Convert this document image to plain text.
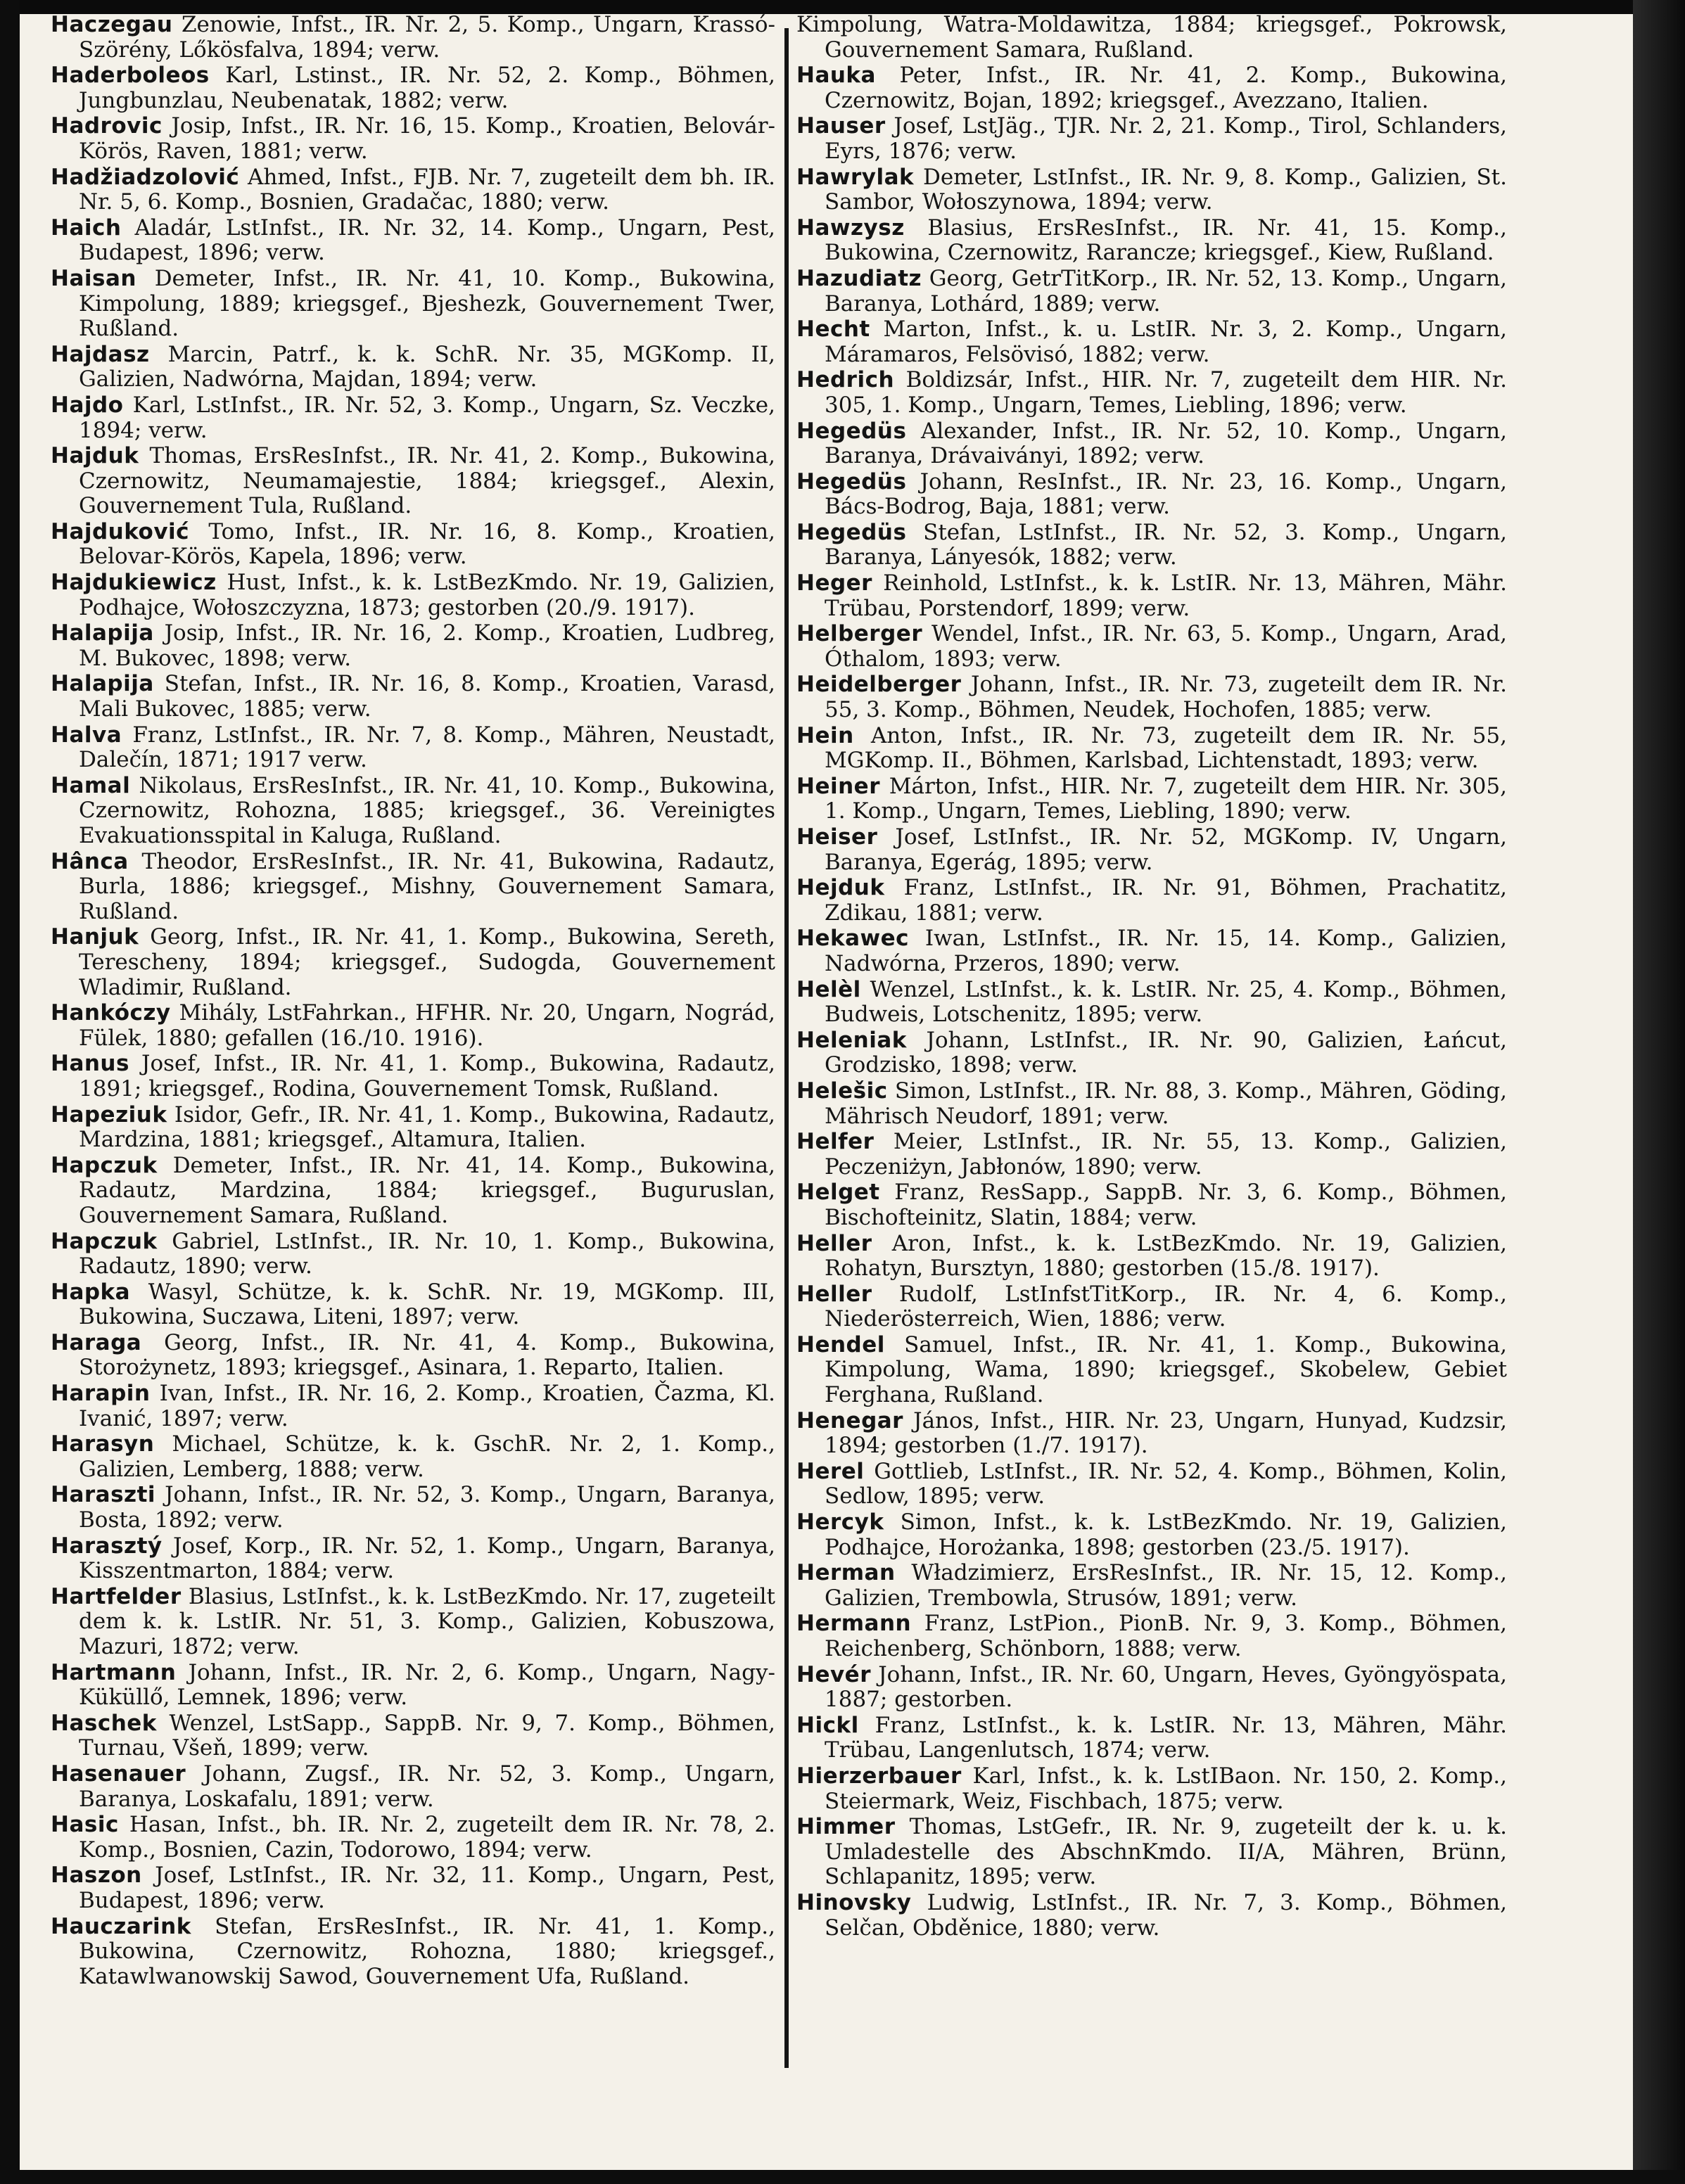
Haczegau Zenowie, Infst., IR. Nr. 2, 5. Komp., Ungarn, Krassó-Szörény, Lőkösfalva, 1894; verw.

Haderboleos Karl, Lstinst., IR. Nr. 52, 2. Komp., Böhmen, Jungbunzlau, Neubenatak, 1882; verw.

Hadrovic Josip, Infst., IR. Nr. 16, 15. Komp., Kroatien, Belovár-Körös, Raven, 1881; verw.

Hadžiadzolović Ahmed, Infst., FJB. Nr. 7, zugeteilt dem bh. IR. Nr. 5, 6. Komp., Bosnien, Gradačac, 1880; verw.

Haich Aladár, LstInfst., IR. Nr. 32, 14. Komp., Ungarn, Pest, Budapest, 1896; verw.

Haisan Demeter, Infst., IR. Nr. 41, 10. Komp., Bukowina, Kimpolung, 1889; kriegsgef., Bjeshezk, Gouvernement Twer, Rußland.

Hajdasz Marcin, Patrf., k. k. SchR. Nr. 35, MGKomp. II, Galizien, Nadwórna, Majdan, 1894; verw.

Hajdo Karl, LstInfst., IR. Nr. 52, 3. Komp., Ungarn, Sz. Veczke, 1894; verw.

Hajduk Thomas, ErsResInfst., IR. Nr. 41, 2. Komp., Bukowina, Czernowitz, Neumamajestie, 1884; kriegsgef., Alexin, Gouvernement Tula, Rußland.

Hajduković Tomo, Infst., IR. Nr. 16, 8. Komp., Kroatien, Belovar-Körös, Kapela, 1896; verw.

Hajdukiewicz Hust, Infst., k. k. LstBezKmdo. Nr. 19, Galizien, Podhajce, Wołoszczyzna, 1873; gestorben (20./9. 1917).

Halapija Josip, Infst., IR. Nr. 16, 2. Komp., Kroatien, Ludbreg, M. Bukovec, 1898; verw.

Halapija Stefan, Infst., IR. Nr. 16, 8. Komp., Kroatien, Varasd, Mali Bukovec, 1885; verw.

Halva Franz, LstInfst., IR. Nr. 7, 8. Komp., Mähren, Neustadt, Dalečín, 1871; 1917 verw.

Hamal Nikolaus, ErsResInfst., IR. Nr. 41, 10. Komp., Bukowina, Czernowitz, Rohozna, 1885; kriegsgef., 36. Vereinigtes Evakuationsspital in Kaluga, Rußland.

Hânca Theodor, ErsResInfst., IR. Nr. 41, Bukowina, Radautz, Burla, 1886; kriegsgef., Mishny, Gouvernement Samara, Rußland.

Hanjuk Georg, Infst., IR. Nr. 41, 1. Komp., Bukowina, Sereth, Terescheny, 1894; kriegsgef., Sudogda, Gouvernement Wladimir, Rußland.

Hankóczy Mihály, LstFahrkan., HFHR. Nr. 20, Ungarn, Nográd, Fülek, 1880; gefallen (16./10. 1916).

Hanus Josef, Infst., IR. Nr. 41, 1. Komp., Bukowina, Radautz, 1891; kriegsgef., Rodina, Gouvernement Tomsk, Rußland.

Hapeziuk Isidor, Gefr., IR. Nr. 41, 1. Komp., Bukowina, Radautz, Mardzina, 1881; kriegsgef., Altamura, Italien.

Hapczuk Demeter, Infst., IR. Nr. 41, 14. Komp., Bukowina, Radautz, Mardzina, 1884; kriegsgef., Buguruslan, Gouvernement Samara, Rußland.

Hapczuk Gabriel, LstInfst., IR. Nr. 10, 1. Komp., Bukowina, Radautz, 1890; verw.

Hapka Wasyl, Schütze, k. k. SchR. Nr. 19, MGKomp. III, Bukowina, Suczawa, Liteni, 1897; verw.

Haraga Georg, Infst., IR. Nr. 41, 4. Komp., Bukowina, Storożynetz, 1893; kriegsgef., Asinara, 1. Reparto, Italien.

Harapin Ivan, Infst., IR. Nr. 16, 2. Komp., Kroatien, Čazma, Kl. Ivanić, 1897; verw.

Harasyn Michael, Schütze, k. k. GschR. Nr. 2, 1. Komp., Galizien, Lemberg, 1888; verw.

Haraszti Johann, Infst., IR. Nr. 52, 3. Komp., Ungarn, Baranya, Bosta, 1892; verw.

Harasztý Josef, Korp., IR. Nr. 52, 1. Komp., Ungarn, Baranya, Kisszentmarton, 1884; verw.

Hartfelder Blasius, LstInfst., k. k. LstBezKmdo. Nr. 17, zugeteilt dem k. k. LstIR. Nr. 51, 3. Komp., Galizien, Kobuszowa, Mazuri, 1872; verw.

Hartmann Johann, Infst., IR. Nr. 2, 6. Komp., Ungarn, Nagy-Küküllő, Lemnek, 1896; verw.

Haschek Wenzel, LstSapp., SappB. Nr. 9, 7. Komp., Böhmen, Turnau, Všeň, 1899; verw.

Hasenauer Johann, Zugsf., IR. Nr. 52, 3. Komp., Ungarn, Baranya, Loskafalu, 1891; verw.

Hasic Hasan, Infst., bh. IR. Nr. 2, zugeteilt dem IR. Nr. 78, 2. Komp., Bosnien, Cazin, Todorowo, 1894; verw.

Haszon Josef, LstInfst., IR. Nr. 32, 11. Komp., Ungarn, Pest, Budapest, 1896; verw.

Hauczarink Stefan, ErsResInfst., IR. Nr. 41, 1. Komp., Bukowina, Czernowitz, Rohozna, 1880; kriegsgef., Katawlwanowskij Sawod, Gouvernement Ufa, Rußland.

Kimpolung, Watra-Moldawitza, 1884; kriegsgef., Pokrowsk, Gouvernement Samara, Rußland.

Hauka Peter, Infst., IR. Nr. 41, 2. Komp., Bukowina, Czernowitz, Bojan, 1892; kriegsgef., Avezzano, Italien.

Hauser Josef, LstJäg., TJR. Nr. 2, 21. Komp., Tirol, Schlanders, Eyrs, 1876; verw.

Hawrylak Demeter, LstInfst., IR. Nr. 9, 8. Komp., Galizien, St. Sambor, Wołoszynowa, 1894; verw.

Hawzysz Blasius, ErsResInfst., IR. Nr. 41, 15. Komp., Bukowina, Czernowitz, Rarancze; kriegsgef., Kiew, Rußland.

Hazudiatz Georg, GetrTitKorp., IR. Nr. 52, 13. Komp., Ungarn, Baranya, Lothárd, 1889; verw.

Hecht Marton, Infst., k. u. LstIR. Nr. 3, 2. Komp., Ungarn, Máramaros, Felsövisó, 1882; verw.

Hedrich Boldizsár, Infst., HIR. Nr. 7, zugeteilt dem HIR. Nr. 305, 1. Komp., Ungarn, Temes, Liebling, 1896; verw.

Hegedüs Alexander, Infst., IR. Nr. 52, 10. Komp., Ungarn, Baranya, Drávaiványi, 1892; verw.

Hegedüs Johann, ResInfst., IR. Nr. 23, 16. Komp., Ungarn, Bács-Bodrog, Baja, 1881; verw.

Hegedüs Stefan, LstInfst., IR. Nr. 52, 3. Komp., Ungarn, Baranya, Lányesók, 1882; verw.

Heger Reinhold, LstInfst., k. k. LstIR. Nr. 13, Mähren, Mähr. Trübau, Porstendorf, 1899; verw.

Helberger Wendel, Infst., IR. Nr. 63, 5. Komp., Ungarn, Arad, Óthalom, 1893; verw.

Heidelberger Johann, Infst., IR. Nr. 73, zugeteilt dem IR. Nr. 55, 3. Komp., Böhmen, Neudek, Hochofen, 1885; verw.

Hein Anton, Infst., IR. Nr. 73, zugeteilt dem IR. Nr. 55, MGKomp. II., Böhmen, Karlsbad, Lichtenstadt, 1893; verw.

Heiner Márton, Infst., HIR. Nr. 7, zugeteilt dem HIR. Nr. 305, 1. Komp., Ungarn, Temes, Liebling, 1890; verw.

Heiser Josef, LstInfst., IR. Nr. 52, MGKomp. IV, Ungarn, Baranya, Egerág, 1895; verw.

Hejduk Franz, LstInfst., IR. Nr. 91, Böhmen, Prachatitz, Zdikau, 1881; verw.

Hekawec Iwan, LstInfst., IR. Nr. 15, 14. Komp., Galizien, Nadwórna, Przeros, 1890; verw.

Helèl Wenzel, LstInfst., k. k. LstIR. Nr. 25, 4. Komp., Böhmen, Budweis, Lotschenitz, 1895; verw.

Heleniak Johann, LstInfst., IR. Nr. 90, Galizien, Łańcut, Grodzisko, 1898; verw.

Helešic Simon, LstInfst., IR. Nr. 88, 3. Komp., Mähren, Göding, Mährisch Neudorf, 1891; verw.

Helfer Meier, LstInfst., IR. Nr. 55, 13. Komp., Galizien, Peczeniżyn, Jabłonów, 1890; verw.

Helget Franz, ResSapp., SappB. Nr. 3, 6. Komp., Böhmen, Bischofteinitz, Slatin, 1884; verw.

Heller Aron, Infst., k. k. LstBezKmdo. Nr. 19, Galizien, Rohatyn, Bursztyn, 1880; gestorben (15./8. 1917).

Heller Rudolf, LstInfstTitKorp., IR. Nr. 4, 6. Komp., Niederösterreich, Wien, 1886; verw.

Hendel Samuel, Infst., IR. Nr. 41, 1. Komp., Bukowina, Kimpolung, Wama, 1890; kriegsgef., Skobelew, Gebiet Ferghana, Rußland.

Henegar János, Infst., HIR. Nr. 23, Ungarn, Hunyad, Kudzsir, 1894; gestorben (1./7. 1917).

Herel Gottlieb, LstInfst., IR. Nr. 52, 4. Komp., Böhmen, Kolin, Sedlow, 1895; verw.

Hercyk Simon, Infst., k. k. LstBezKmdo. Nr. 19, Galizien, Podhajce, Horożanka, 1898; gestorben (23./5. 1917).

Herman Władzimierz, ErsResInfst., IR. Nr. 15, 12. Komp., Galizien, Trembowla, Strusów, 1891; verw.

Hermann Franz, LstPion., PionB. Nr. 9, 3. Komp., Böhmen, Reichenberg, Schönborn, 1888; verw.

Hevér Johann, Infst., IR. Nr. 60, Ungarn, Heves, Gyöngyöspata, 1887; gestorben.

Hickl Franz, LstInfst., k. k. LstIR. Nr. 13, Mähren, Mähr. Trübau, Langenlutsch, 1874; verw.

Hierzerbauer Karl, Infst., k. k. LstIBaon. Nr. 150, 2. Komp., Steiermark, Weiz, Fischbach, 1875; verw.

Himmer Thomas, LstGefr., IR. Nr. 9, zugeteilt der k. u. k. Umladestelle des AbschnKmdo. II/A, Mähren, Brünn, Schlapanitz, 1895; verw.

Hinovsky Ludwig, LstInfst., IR. Nr. 7, 3. Komp., Böhmen, Selčan, Obděnice, 1880; verw.
